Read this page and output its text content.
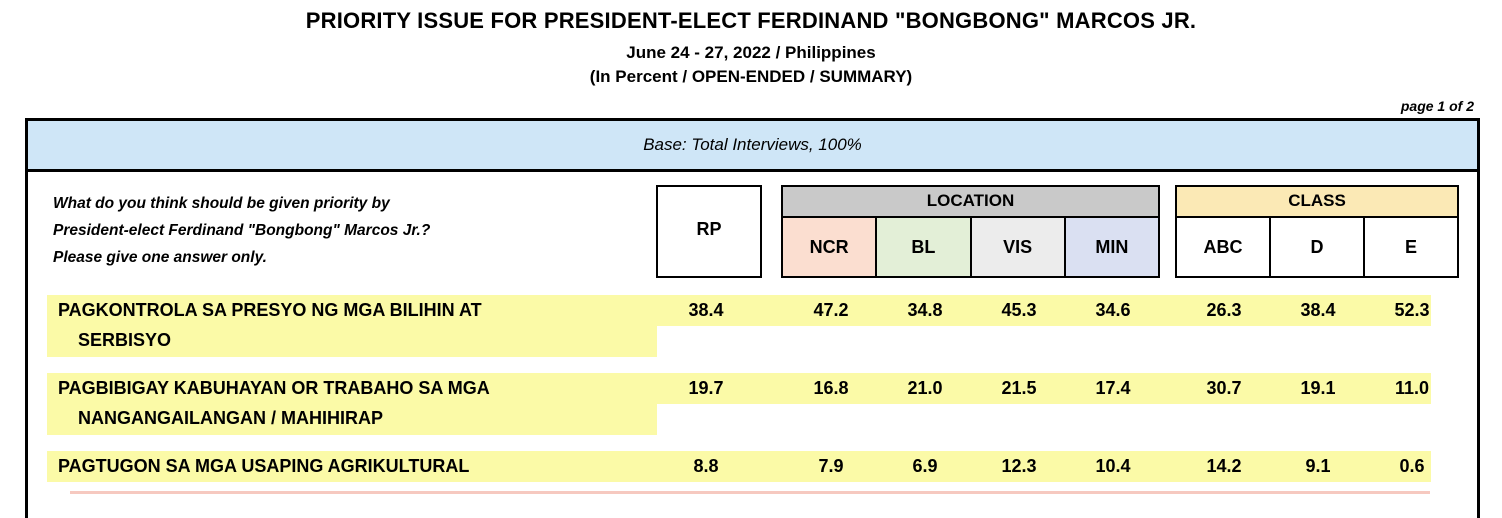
PRIORITY ISSUE FOR PRESIDENT-ELECT FERDINAND "BONGBONG" MARCOS JR.
June 24 - 27, 2022 / Philippines
(In Percent / OPEN-ENDED / SUMMARY)
page 1 of 2
Base: Total Interviews, 100%
What do you think should be given priority by
President-elect Ferdinand "Bongbong" Marcos Jr.?
Please give one answer only.
RP
LOCATION
NCR	BL	VIS	MIN
CLASS
ABC	D	E
PAGKONTROLA SA PRESYO NG MGA BILIHIN AT
SERBISYO
38.4	47.2	34.8	45.3	34.6	26.3	38.4	52.3
PAGBIBIGAY KABUHAYAN OR TRABAHO SA MGA
NANGANGAILANGAN / MAHIHIRAP
19.7	16.8	21.0	21.5	17.4	30.7	19.1	11.0
PAGTUGON SA MGA USAPING AGRIKULTURAL	8.8	7.9	6.9	12.3	10.4	14.2	9.1	0.6
